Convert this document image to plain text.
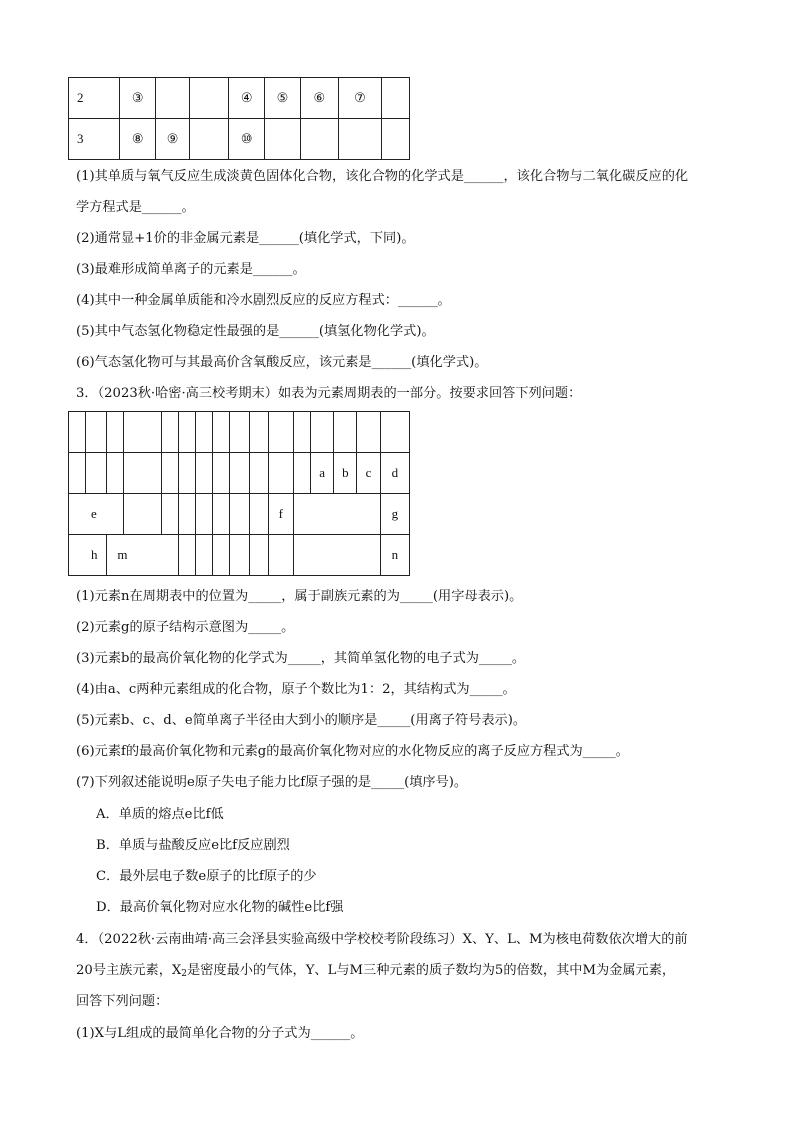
2	③			④	⑤	⑥	⑦	
3	⑧	⑨		⑩				
(1)其单质与氧气反应生成淡黄色固体化合物，该化合物的化学式是______，该化合物与二氧化碳反应的化
学方程式是______。
(2)通常显+1价的非金属元素是______(填化学式，下同)。
(3)最难形成简单离子的元素是______。
(4)其中一种金属单质能和冷水剧烈反应的反应方程式：______。
(5)其中气态氢化物稳定性最强的是______(填氢化物化学式)。
(6)气态氢化物可与其最高价含氧酸反应，该元素是______(填化学式)。
3．（2023秋·哈密·高三校考期末）如表为元素周期表的一部分。按要求回答下列问题：

												a	b	c	d
e										f					g
h		m													n
(1)元素n在周期表中的位置为_____，属于副族元素的为_____(用字母表示)。
(2)元素g的原子结构示意图为_____。
(3)元素b的最高价氧化物的化学式为_____，其简单氢化物的电子式为_____。
(4)由a、c两种元素组成的化合物，原子个数比为1：2，其结构式为_____。
(5)元素b、c、d、e简单离子半径由大到小的顺序是_____(用离子符号表示)。
(6)元素f的最高价氧化物和元素g的最高价氧化物对应的水化物反应的离子反应方程式为_____。
(7)下列叙述能说明e原子失电子能力比f原子强的是_____(填序号)。
A．单质的熔点e比f低
B．单质与盐酸反应e比f反应剧烈
C．最外层电子数e原子的比f原子的少
D．最高价氧化物对应水化物的碱性e比f强
4．（2022秋·云南曲靖·高三会泽县实验高级中学校校考阶段练习）X、Y、L、M为核电荷数依次增大的前
20号主族元素，$X_2$是密度最小的气体，Y、L与M三种元素的质子数均为5的倍数，其中M为金属元素，
回答下列问题：
(1)X与L组成的最简单化合物的分子式为______。
